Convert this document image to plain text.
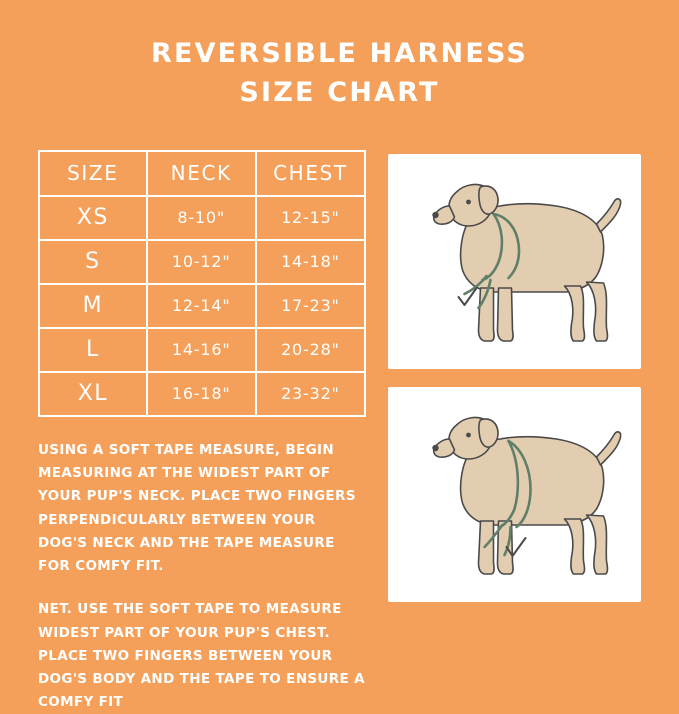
REVERSIBLE HARNESS
SIZE CHART
SIZE	NECK	CHEST
XS	8-10"	12-15"
S	10-12"	14-18"
M	12-14"	17-23"
L	14-16"	20-28"
XL	16-18"	23-32"

USING A SOFT TAPE MEASURE, BEGIN MEASURING AT THE WIDEST PART OF YOUR PUP'S NECK. PLACE TWO FINGERS PERPENDICULARLY BETWEEN YOUR DOG'S NECK AND THE TAPE MEASURE FOR COMFY FIT.

NET. USE THE SOFT TAPE TO MEASURE WIDEST PART OF YOUR PUP'S CHEST. PLACE TWO FINGERS BETWEEN YOUR DOG'S BODY AND THE TAPE TO ENSURE A COMFY FIT
